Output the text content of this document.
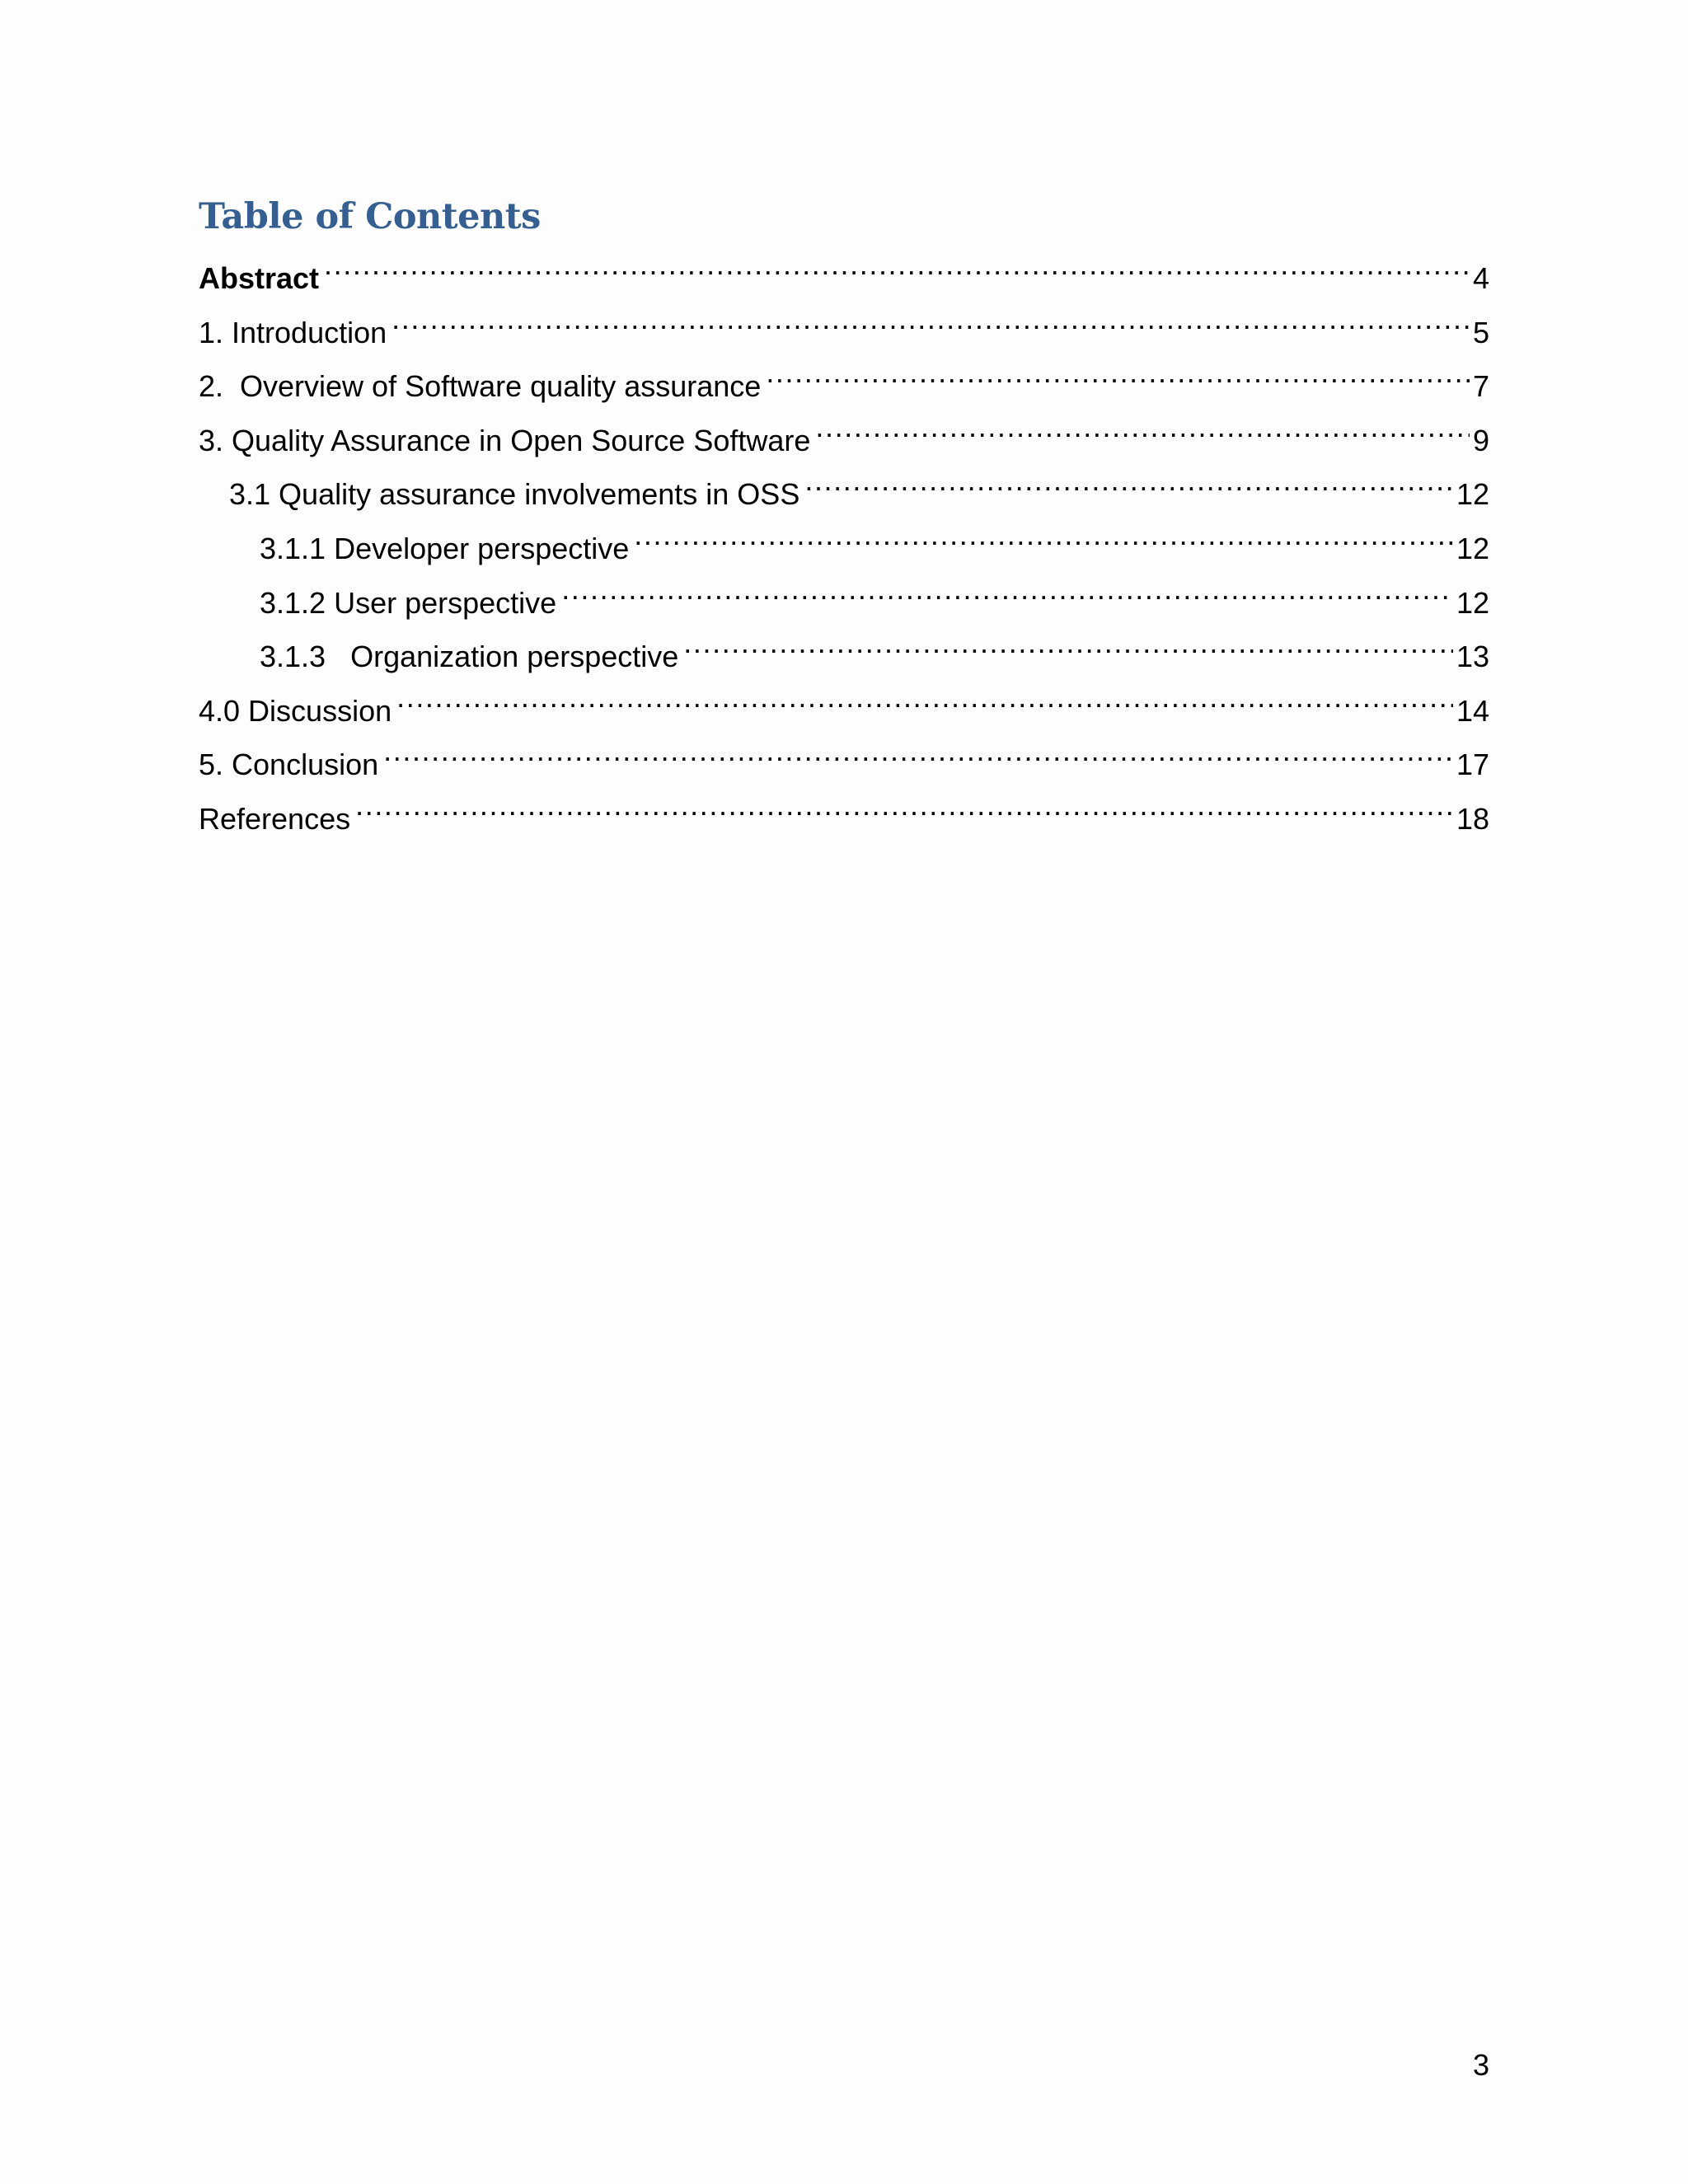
Table of Contents
Abstract .....	4
1. Introduction .....	5
2.  Overview of Software quality assurance .....	7
3. Quality Assurance in Open Source Software .....	9
3.1 Quality assurance involvements in OSS .....	12
3.1.1 Developer perspective .....	12
3.1.2 User perspective .....	12
3.1.3   Organization perspective .....	13
4.0 Discussion .....	14
5. Conclusion .....	17
References .....	18
3
